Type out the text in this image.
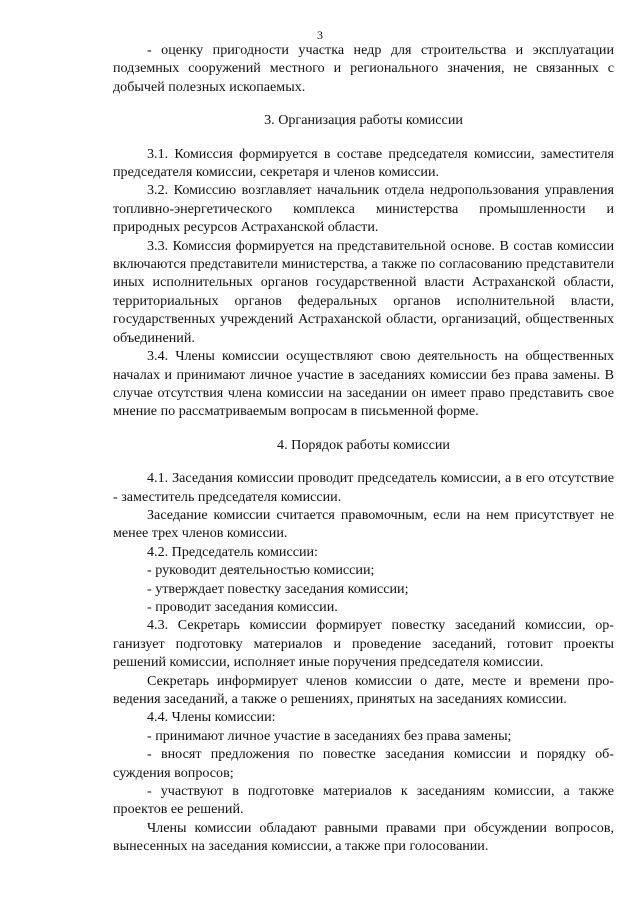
3

- оценку пригодности участка недр для строительства и эксплуатации подземных сооружений местного и регионального значения, не связанных с добычей полезных ископаемых.

3. Организация работы комиссии

3.1. Комиссия формируется в составе председателя комиссии, заместителя председателя комиссии, секретаря и членов комиссии.

3.2. Комиссию возглавляет начальник отдела недропользования управления топливно-энергетического комплекса министерства промышленности и природных ресурсов Астраханской области.

3.3. Комиссия формируется на представительной основе. В состав комиссии включаются представители министерства, а также по согласованию представители иных исполнительных органов государственной власти Астраханской области, территориальных органов федеральных органов исполнительной власти, государственных учреждений Астраханской области, организаций, общественных объединений.

3.4. Члены комиссии осуществляют свою деятельность на общественных началах и принимают личное участие в заседаниях комиссии без права замены. В случае отсутствия члена комиссии на заседании он имеет право представить свое мнение по рассматриваемым вопросам в письменной форме.

4. Порядок работы комиссии

4.1. Заседания комиссии проводит председатель комиссии, а в его отсутствие - заместитель председателя комиссии.

Заседание комиссии считается правомочным, если на нем присутствует не менее трех членов комиссии.

4.2. Председатель комиссии:

- руководит деятельностью комиссии;

- утверждает повестку заседания комиссии;

- проводит заседания комиссии.

4.3. Секретарь комиссии формирует повестку заседаний комиссии, организует подготовку материалов и проведение заседаний, готовит проекты решений комиссии, исполняет иные поручения председателя комиссии.

Секретарь информирует членов комиссии о дате, месте и времени проведения заседаний, а также о решениях, принятых на заседаниях комиссии.

4.4. Члены комиссии:

- принимают личное участие в заседаниях без права замены;

- вносят предложения по повестке заседания комиссии и порядку обсуждения вопросов;

- участвуют в подготовке материалов к заседаниям комиссии, а также проектов ее решений.

Члены комиссии обладают равными правами при обсуждении вопросов, вынесенных на заседания комиссии, а также при голосовании.
